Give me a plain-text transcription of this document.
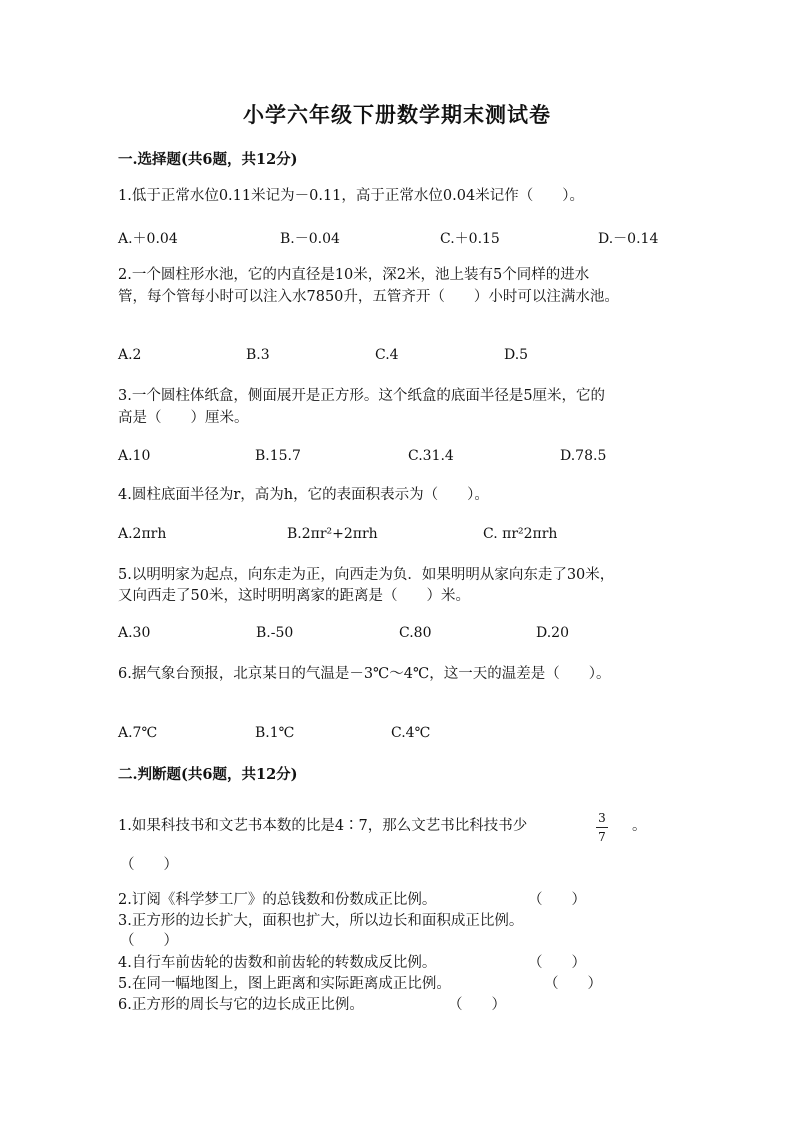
小学六年级下册数学期末测试卷
一.选择题(共6题，共12分)
1.低于正常水位0.11米记为－0.11，高于正常水位0.04米记作（　　）。
A.＋0.04	B.－0.04	C.＋0.15	D.－0.14
2.一个圆柱形水池，它的内直径是10米，深2米，池上装有5个同样的进水
管，每个管每小时可以注入水7850升，五管齐开（　　）小时可以注满水池。
A.2	B.3	C.4	D.5
3.一个圆柱体纸盒，侧面展开是正方形。这个纸盒的底面半径是5厘米，它的
高是（　　）厘米。
A.10	B.15.7	C.31.4	D.78.5
4.圆柱底面半径为r，高为h，它的表面积表示为（　　）。
A.2πrh	B.2πr²+2πrh	C. πr²2πrh
5.以明明家为起点，向东走为正，向西走为负．如果明明从家向东走了30米，
又向西走了50米，这时明明离家的距离是（　　）米。
A.30	B.-50	C.80	D.20
6.据气象台预报，北京某日的气温是－3℃～4℃，这一天的温差是（　　）。
A.7℃	B.1℃	C.4℃
二.判断题(共6题，共12分)
1.如果科技书和文艺书本数的比是4∶7，那么文艺书比科技书少	3
7
。
（　　）
2.订阅《科学梦工厂》的总钱数和份数成正比例。	（　　）
3.正方形的边长扩大，面积也扩大，所以边长和面积成正比例。
（　　）
4.自行车前齿轮的齿数和前齿轮的转数成反比例。	（　　）
5.在同一幅地图上，图上距离和实际距离成正比例。	（　　）
6.正方形的周长与它的边长成正比例。	（　　）
